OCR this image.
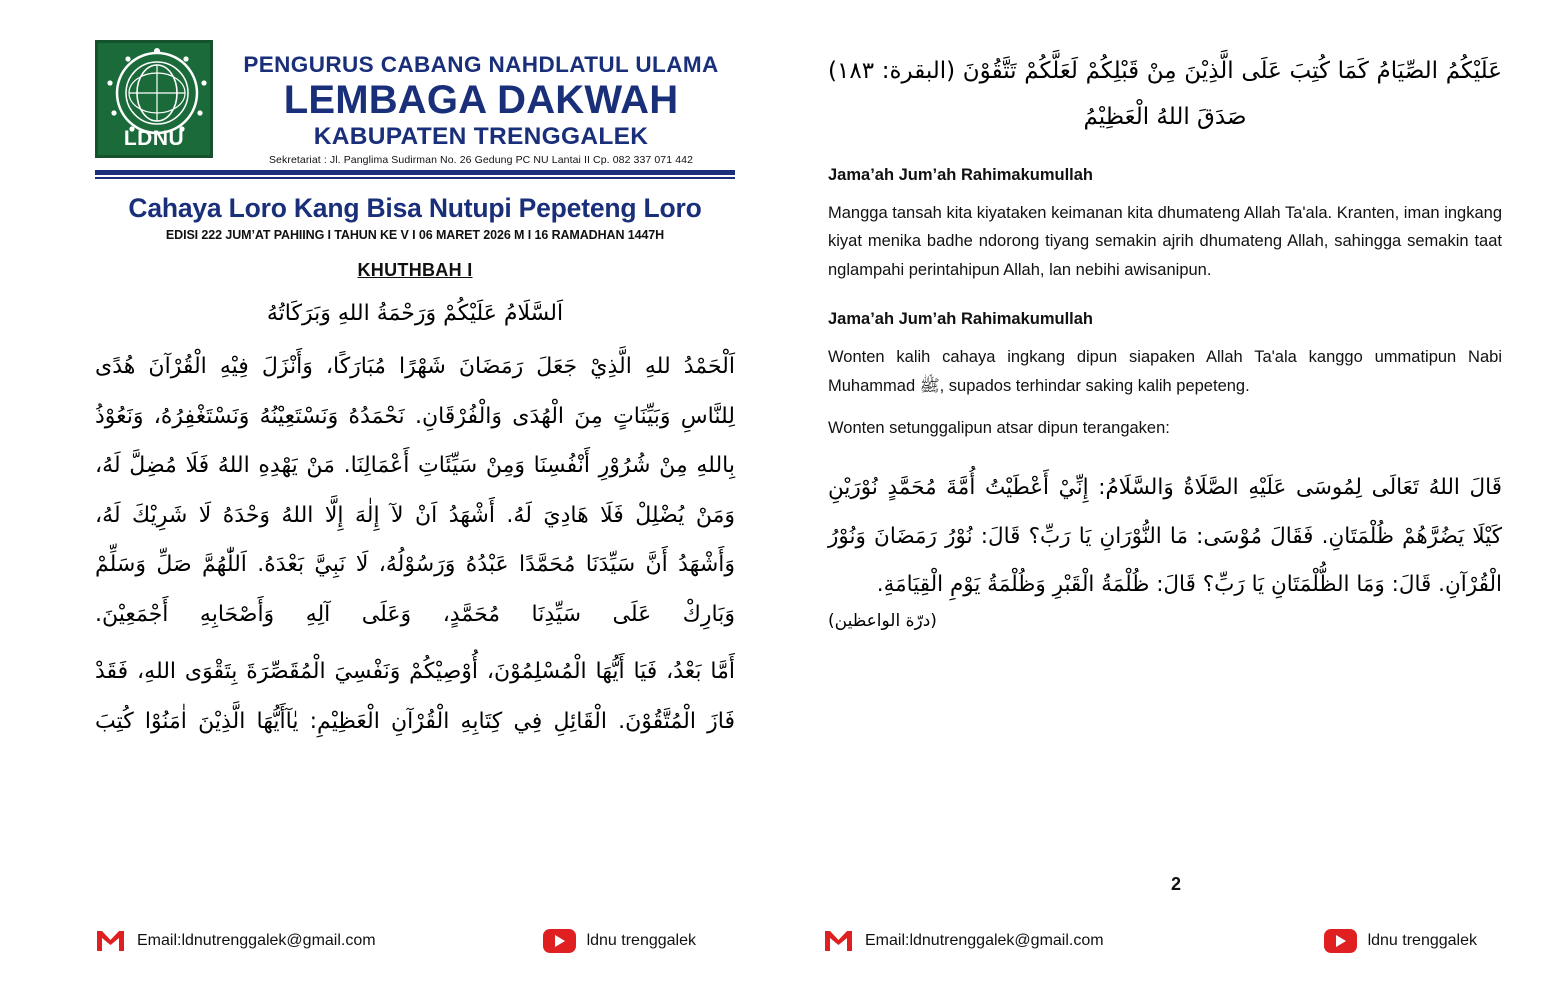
LDNU
PENGURUS CABANG NAHDLATUL ULAMA
LEMBAGA DAKWAH
KABUPATEN TRENGGALEK
Sekretariat : Jl. Panglima Sudirman No. 26 Gedung PC NU Lantai II Cp. 082 337 071 442
Cahaya Loro Kang Bisa Nutupi Pepeteng Loro
EDISI 222 JUM’AT PAHIING I TAHUN KE V I 06 MARET 2026 M I 16 RAMADHAN 1447H
KHUTHBAH I
اَلسَّلَامُ عَلَيْكُمْ وَرَحْمَةُ اللهِ وَبَرَكَاتُهُ
اَلْحَمْدُ للهِ الَّذِيْ جَعَلَ رَمَضَانَ شَهْرًا مُبَارَكًا، وَأَنْزَلَ فِيْهِ الْقُرْآنَ هُدًى لِلنَّاسِ وَبَيِّنَاتٍ مِنَ الْهُدَى وَالْفُرْقَانِ. نَحْمَدُهُ وَنَسْتَعِيْنُهُ وَنَسْتَغْفِرُهُ، وَنَعُوْذُ بِاللهِ مِنْ شُرُوْرِ أَنْفُسِنَا وَمِنْ سَيِّئَاتِ أَعْمَالِنَا. مَنْ يَهْدِهِ اللهُ فَلَا مُضِلَّ لَهُ، وَمَنْ يُضْلِلْ فَلَا هَادِيَ لَهُ. أَشْهَدُ اَنْ لآ إِلٰهَ إِلَّا اللهُ وَحْدَهُ لَا شَرِيْكَ لَهُ، وَأَشْهَدُ أَنَّ سَيِّدَنَا مُحَمَّدًا عَبْدُهُ وَرَسُوْلُهُ، لَا نَبِيَّ بَعْدَهُ. اَللّٰهُمَّ صَلِّ وَسَلِّمْ وَبَارِكْ عَلَى سَيِّدِنَا مُحَمَّدٍ، وَعَلَى آلِهِ وَأَصْحَابِهِ أَجْمَعِيْنَ.
أَمَّا بَعْدُ، فَيَا أَيُّهَا الْمُسْلِمُوْنَ، أُوْصِيْكُمْ وَنَفْسِيَ الْمُقَصِّرَةَ بِتَقْوَى اللهِ، فَقَدْ فَازَ الْمُتَّقُوْنَ. الْقَائِلِ فِي كِتَابِهِ الْقُرْآنِ الْعَظِيْمِ: يٰآأَيُّهَا الَّذِيْنَ اٰمَنُوْا كُتِبَ
عَلَيْكُمُ الصِّيَامُ كَمَا كُتِبَ عَلَى الَّذِيْنَ مِنْ قَبْلِكُمْ لَعَلَّكُمْ تَتَّقُوْنَ (البقرة: ١٨٣) صَدَقَ اللهُ الْعَظِيْمُ
Jama’ah Jum’ah Rahimakumullah
Mangga tansah kita kiyataken keimanan kita dhumateng Allah Ta'ala. Kranten, iman ingkang kiyat menika badhe ndorong tiyang semakin ajrih dhumateng Allah, sahingga semakin taat nglampahi perintahipun Allah, lan nebihi awisanipun.
Jama’ah Jum’ah Rahimakumullah
Wonten kalih cahaya ingkang dipun siapaken Allah Ta'ala kanggo ummatipun Nabi Muhammad ﷺ, supados terhindar saking kalih pepeteng.
Wonten setunggalipun atsar dipun terangaken:
قَالَ اللهُ تَعَالَى لِمُوسَى عَلَيْهِ الصَّلَاةُ وَالسَّلَامُ: إِنِّيْ أَعْطَيْتُ أُمَّةَ مُحَمَّدٍ نُوْرَيْنِ كَيْلَا يَضُرَّهُمْ ظُلْمَتَانِ. فَقَالَ مُوْسَى: مَا النُّوْرَانِ يَا رَبِّ؟ قَالَ: نُوْرُ رَمَضَانَ وَنُوْرُ الْقُرْآنِ. قَالَ: وَمَا الظُّلْمَتَانِ يَا رَبِّ؟ قَالَ: ظُلْمَةُ الْقَبْرِ وَظُلْمَةُ يَوْمِ الْقِيَامَةِ.
(درّة الواعظين)
2
Email:ldnutrenggalek@gmail.com	ldnu trenggalek	Email:ldnutrenggalek@gmail.com	ldnu trenggalek
